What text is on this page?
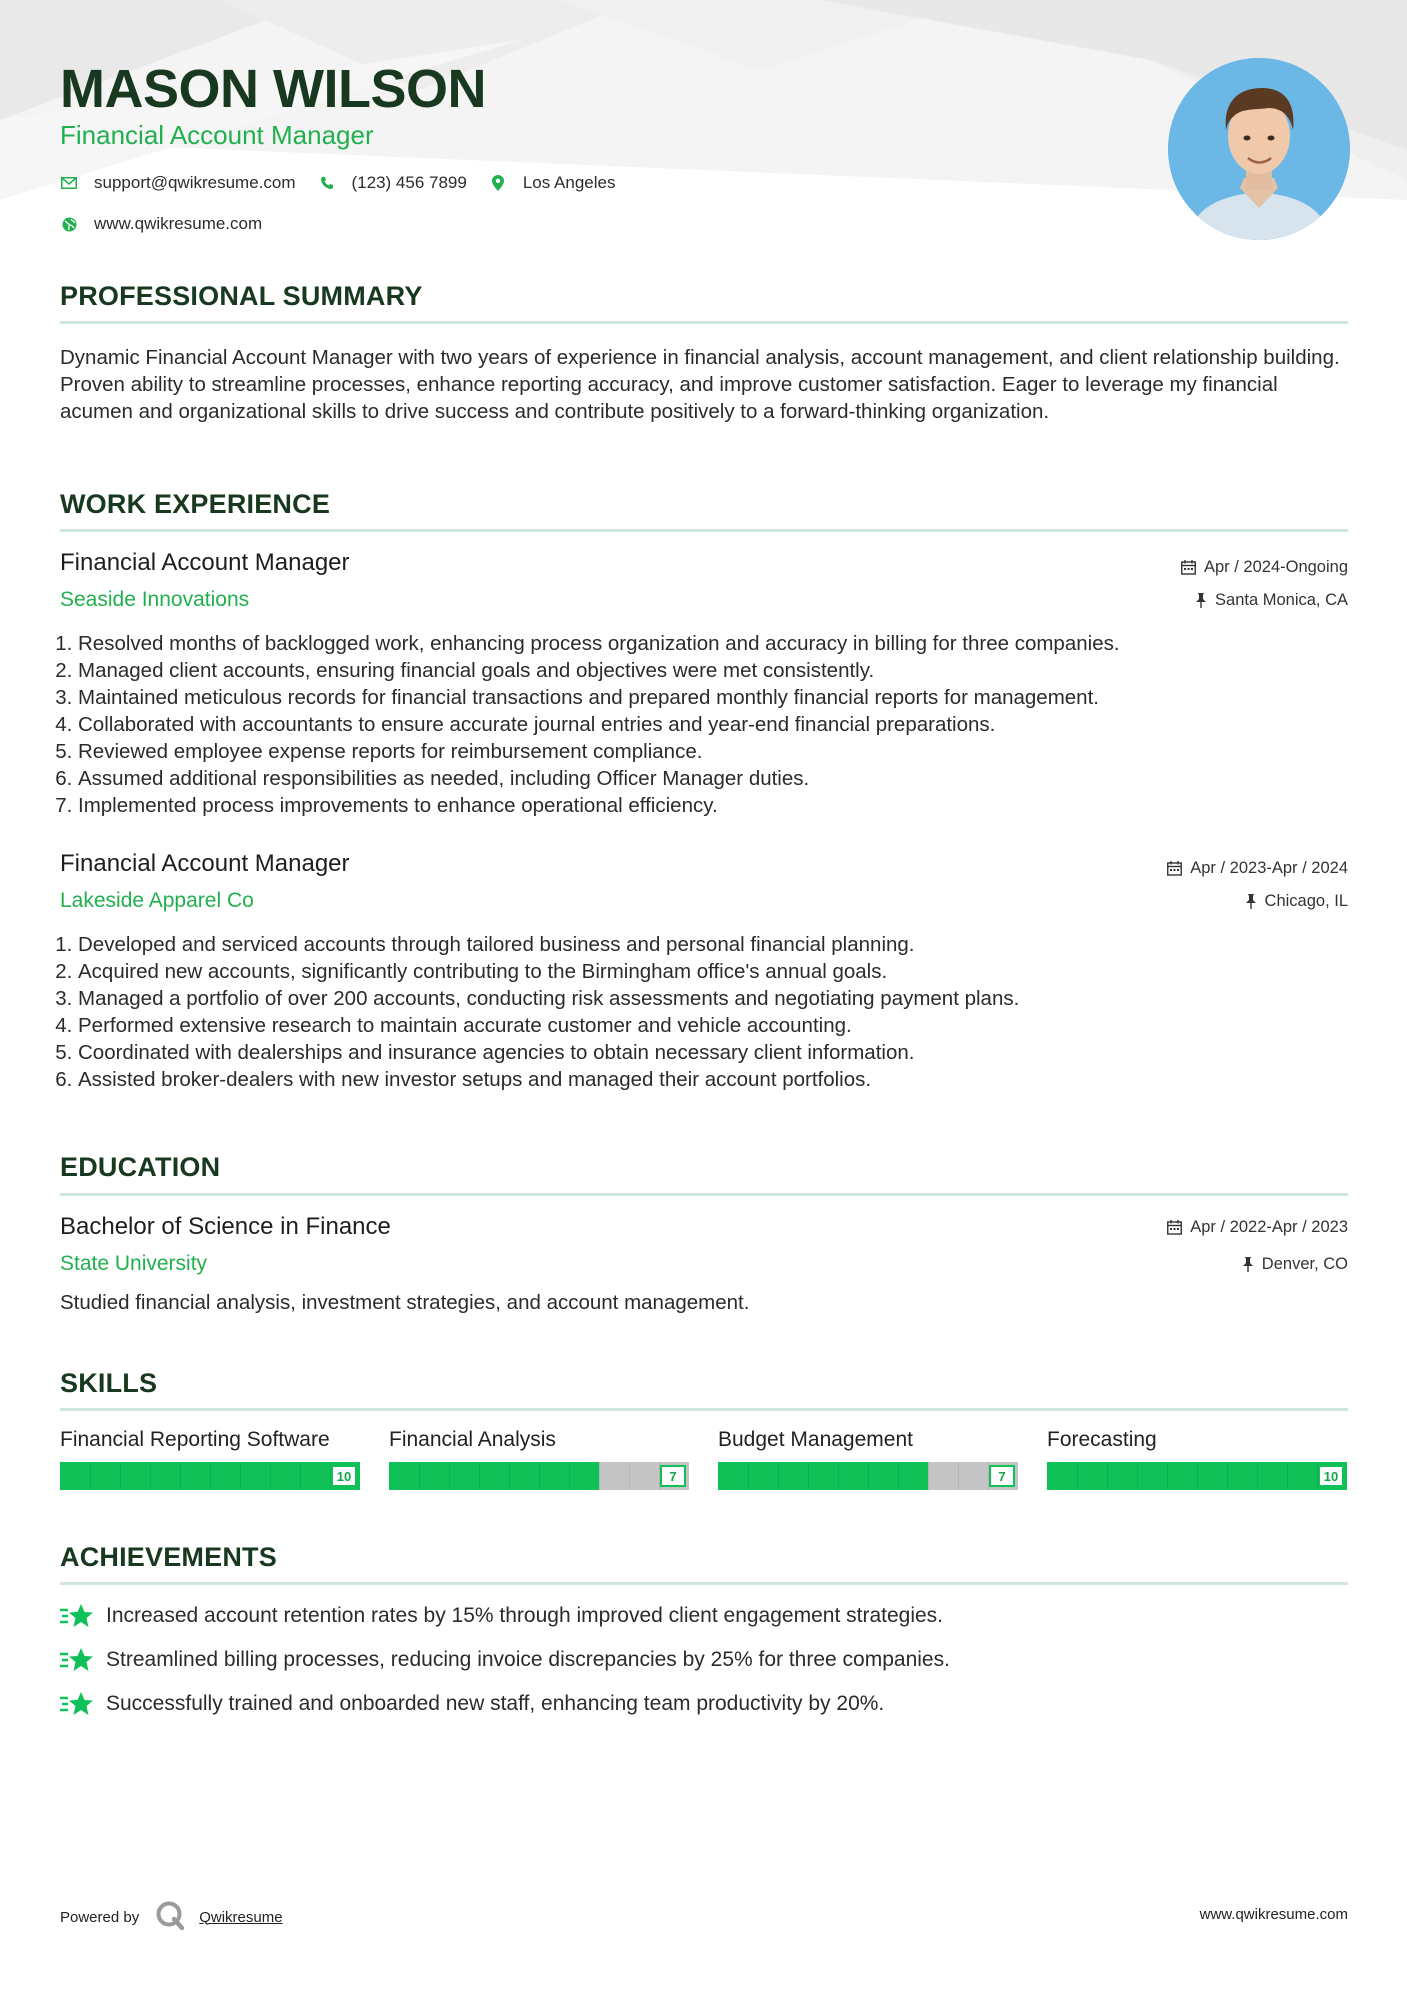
MASON WILSON
Financial Account Manager
support@qwikresume.com	(123) 456 7899	Los Angeles
www.qwikresume.com
PROFESSIONAL SUMMARY
Dynamic Financial Account Manager with two years of experience in financial analysis, account management, and client relationship building. Proven ability to streamline processes, enhance reporting accuracy, and improve customer satisfaction. Eager to leverage my financial acumen and organizational skills to drive success and contribute positively to a forward-thinking organization.
WORK EXPERIENCE
Financial Account Manager
Seaside Innovations
Apr / 2024-Ongoing
Santa Monica, CA
1. Resolved months of backlogged work, enhancing process organization and accuracy in billing for three companies.
2. Managed client accounts, ensuring financial goals and objectives were met consistently.
3. Maintained meticulous records for financial transactions and prepared monthly financial reports for management.
4. Collaborated with accountants to ensure accurate journal entries and year-end financial preparations.
5. Reviewed employee expense reports for reimbursement compliance.
6. Assumed additional responsibilities as needed, including Officer Manager duties.
7. Implemented process improvements to enhance operational efficiency.
Financial Account Manager
Lakeside Apparel Co
Apr / 2023-Apr / 2024
Chicago, IL
1. Developed and serviced accounts through tailored business and personal financial planning.
2. Acquired new accounts, significantly contributing to the Birmingham office's annual goals.
3. Managed a portfolio of over 200 accounts, conducting risk assessments and negotiating payment plans.
4. Performed extensive research to maintain accurate customer and vehicle accounting.
5. Coordinated with dealerships and insurance agencies to obtain necessary client information.
6. Assisted broker-dealers with new investor setups and managed their account portfolios.
EDUCATION
Bachelor of Science in Finance
State University
Apr / 2022-Apr / 2023
Denver, CO
Studied financial analysis, investment strategies, and account management.
SKILLS
Financial Reporting Software
10
Financial Analysis
7
Budget Management
7
Forecasting
10
ACHIEVEMENTS
Increased account retention rates by 15% through improved client engagement strategies.
Streamlined billing processes, reducing invoice discrepancies by 25% for three companies.
Successfully trained and onboarded new staff, enhancing team productivity by 20%.
Powered by	Qwikresume	www.qwikresume.com
